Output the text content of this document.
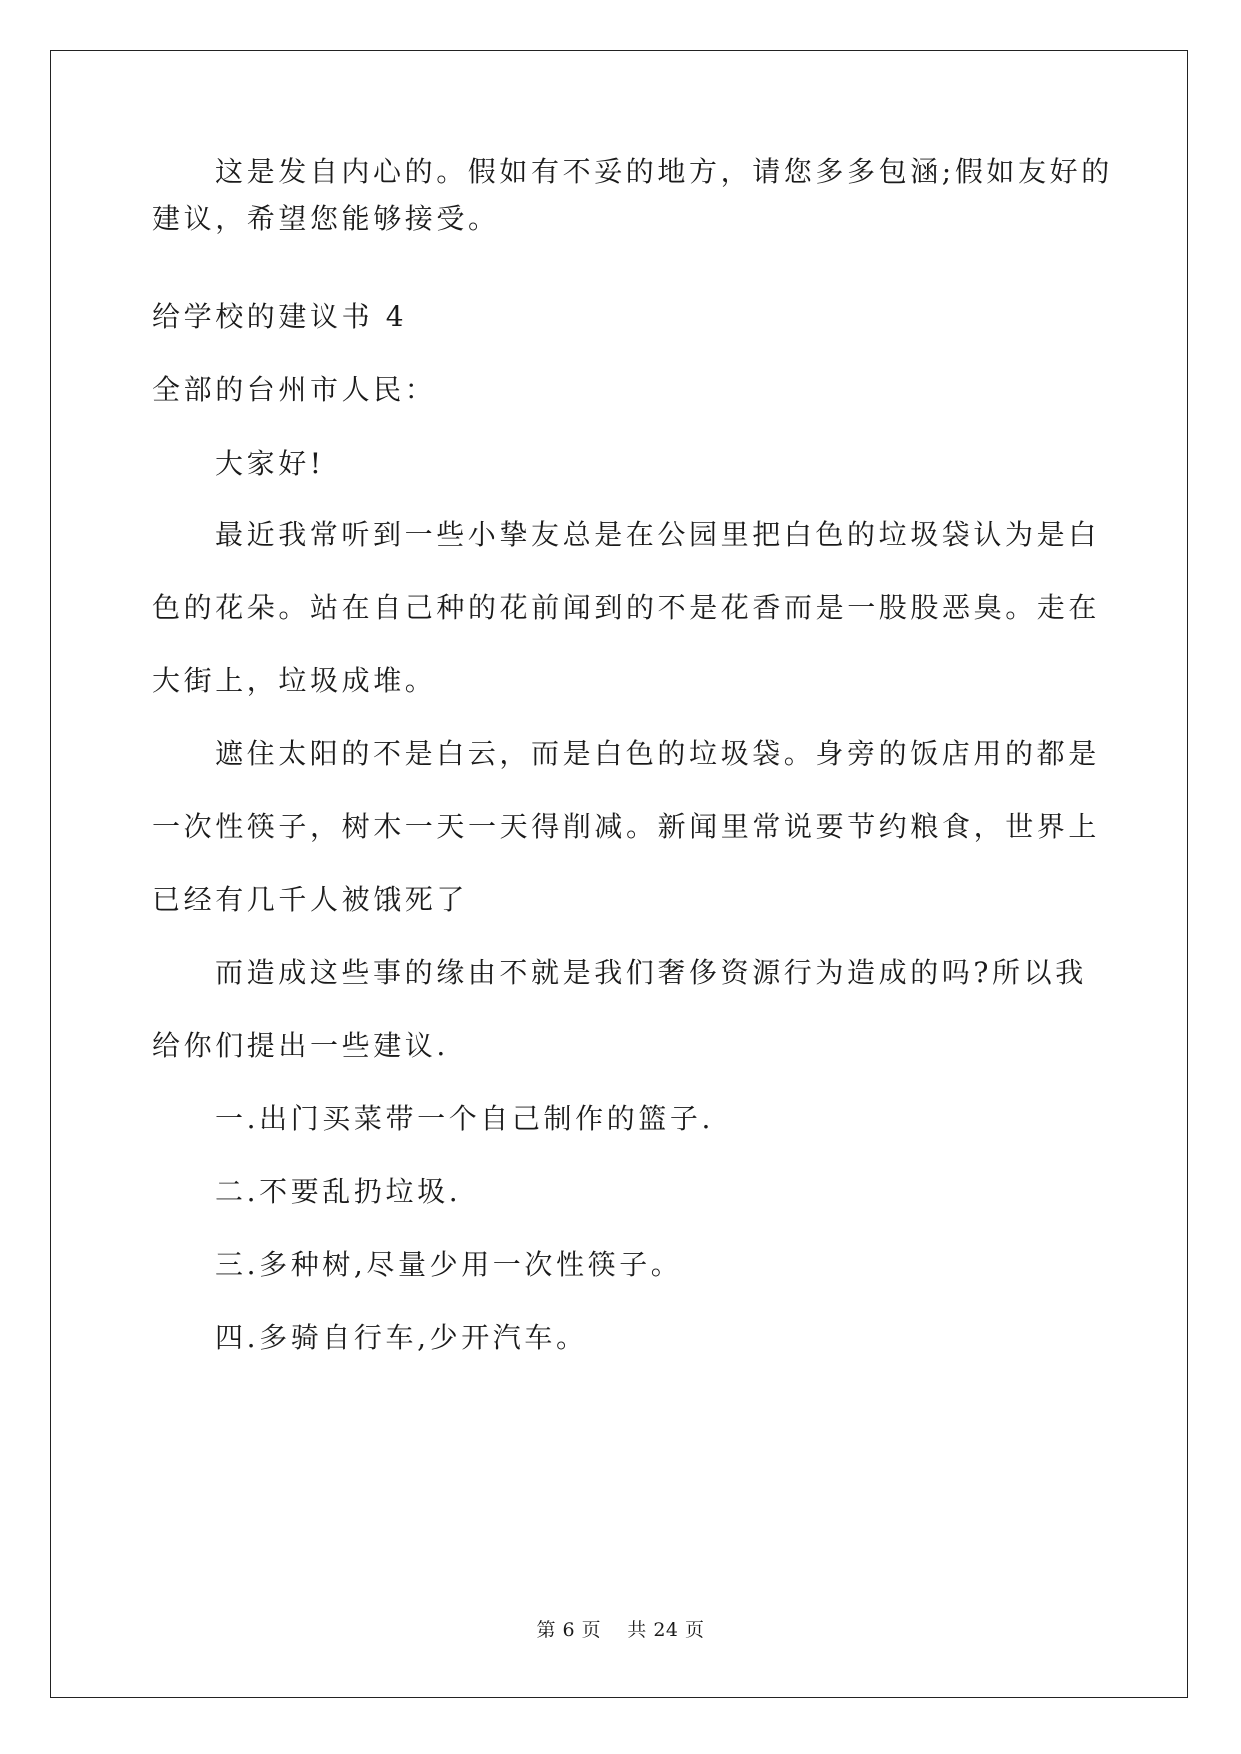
这是发自内心的。假如有不妥的地方，请您多多包涵;假如友好的
建议，希望您能够接受。
给学校的建议书 4
全部的台州市人民：
大家好!
最近我常听到一些小挚友总是在公园里把白色的垃圾袋认为是白
色的花朵。站在自己种的花前闻到的不是花香而是一股股恶臭。走在
大街上，垃圾成堆。
遮住太阳的不是白云，而是白色的垃圾袋。身旁的饭店用的都是
一次性筷子，树木一天一天得削减。新闻里常说要节约粮食，世界上
已经有几千人被饿死了
而造成这些事的缘由不就是我们奢侈资源行为造成的吗?所以我
给你们提出一些建议.
一.出门买菜带一个自己制作的篮子.
二.不要乱扔垃圾.
三.多种树,尽量少用一次性筷子。
四.多骑自行车,少开汽车。
第 6 页 共 24 页
